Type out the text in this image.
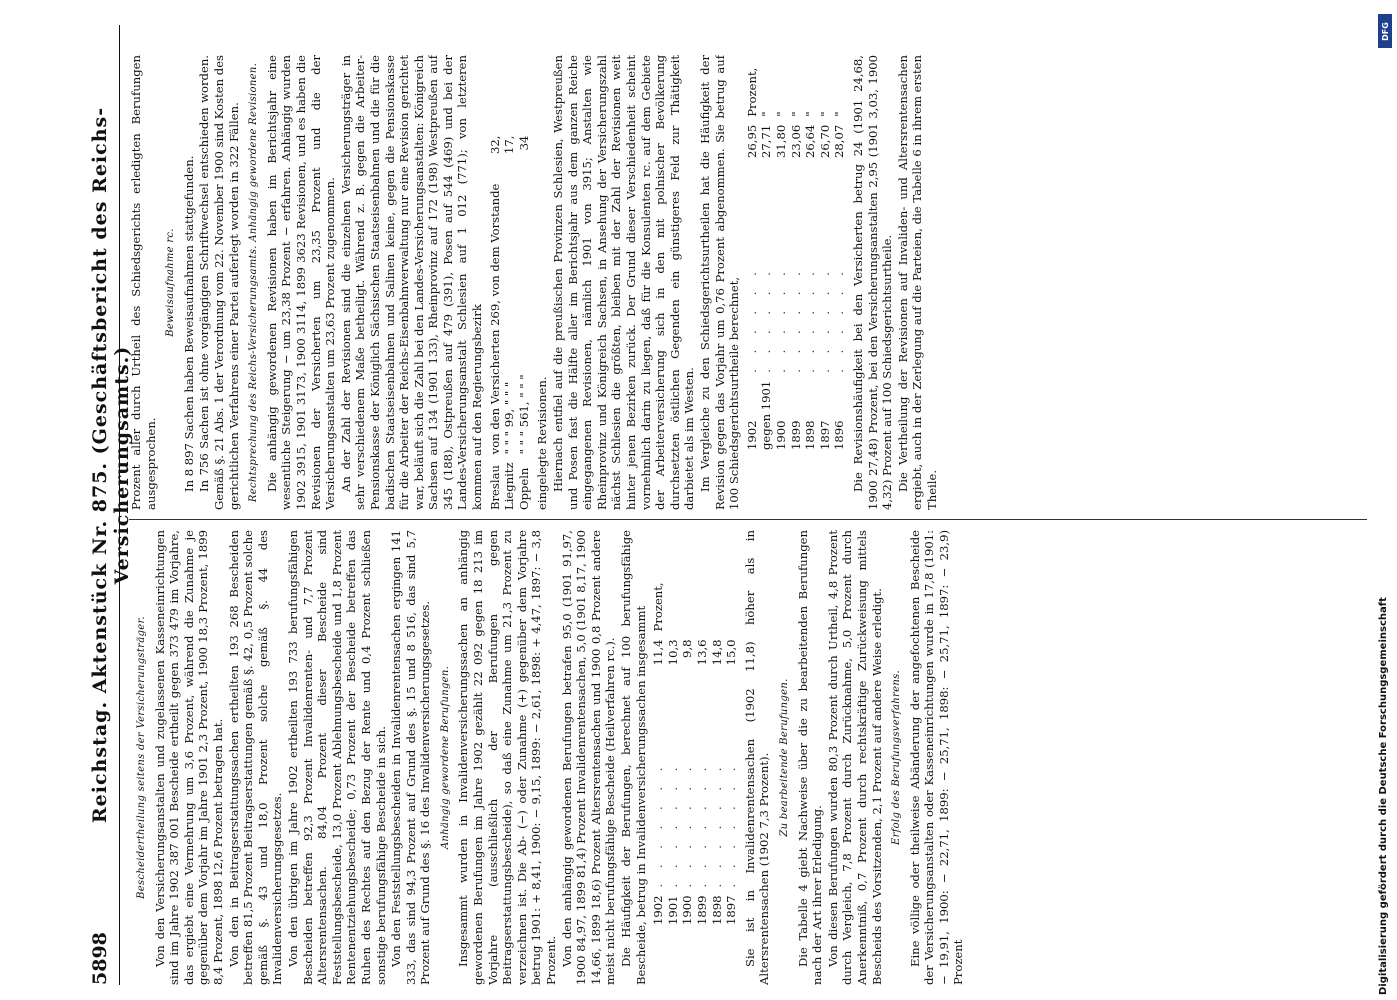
5898
Reichstag. Aktenstück Nr. 875. (Geschäftsbericht des Reichs-Versicherungsamts.)
Bescheidertheilung seitens der Versicherungsträger. Von den Versicherungsanstalten und zugelassenen Kasseneinrichtungen sind im Jahre 1902 387 001 Bescheide ertheilt gegen 373 479 im Vorjahre, das ergiebt eine Vermehrung um 3,6 Prozent, während die Zunahme je gegenüber dem Vorjahr im Jahre 1901 2,3 Prozent, 1900 18,3 Prozent, 1899 8,4 Prozent, 1898 12,6 Prozent betragen hat. Von den in Beitragserstattungssachen ertheilten 193 268 Bescheiden betreffen 81,5 Prozent Beitragserstattungen gemäß §. 42, 0,5 Prozent solche gemäß §. 43 und 18,0 Prozent solche gemäß §. 44 des Invalidenversicherungsgesetzes. Von den übrigen im Jahre 1902 ertheilten 193 733 berufungsfähigen Bescheiden betreffen 92,3 Prozent Invalidenrenten- und 7,7 Prozent Altersrentensachen. 84,04 Prozent dieser Bescheide sind Feststellungsbescheide, 13,0 Prozent Ablehnungsbescheide und 1,8 Prozent Rentenentziehungsbescheide; 0,73 Prozent der Bescheide betreffen das Ruhen des Rechtes auf den Bezug der Rente und 0,4 Prozent schließen sonstige berufungsfähige Bescheide in sich. Von den Feststellungsbescheiden in Invalidenrentensachen ergingen 141 333, das sind 94,3 Prozent auf Grund des §. 15 und 8 516, das sind 5,7 Prozent auf Grund des §. 16 des Invalidenversicherungsgesetzes. Anhängig gewordene Berufungen. Insgesammt wurden in Invalidenversicherungssachen an anhängig gewordenen Berufungen im Jahre 1902 gezählt 22 092 gegen 18 213 im Vorjahre (ausschließlich der Berufungen gegen Beitragserstattungsbescheide), so daß eine Zunahme um 21,3 Prozent zu verzeichnen ist. Die Ab- (−) oder Zunahme (+) gegenüber dem Vorjahre betrug 1901: + 8,41, 1900: − 9,15, 1899: − 2,61, 1898: + 4,47, 1897: − 3,8 Prozent. Von den anhängig gewordenen Berufungen betrafen 95,0 (1901 91,97, 1900 84,97, 1899 81,4) Prozent Invalidenrentensachen, 5,0 (1901 8,17, 1900 14,66, 1899 18,6) Prozent Altersrentensachen und 1900 0,8 Prozent andere meist nicht berufungsfähige Bescheide (Heilverfahren rc.). Die Häufigkeit der Berufungen, berechnet auf 100 berufungsfähige Bescheide, betrug in Invalidenversicherungssachen insgesammt 1902	. . . . . . .	11,4	Prozent,
1901	. . . . . . .	10,3	
1900	. . . . . . .	9,8	
1899	. . . . . . .	13,6	
1898	. . . . . . .	14,8	
1897	. . . . . . .	15,0	Sie ist in Invalidenrentensachen (1902 11,8) höher als in Altersrentensachen (1902 7,3 Prozent). Zu bearbeitende Berufungen. Die Tabelle 4 giebt Nachweise über die zu bearbeitenden Berufungen nach der Art ihrer Erledigung. Von diesen Berufungen wurden 80,3 Prozent durch Urtheil, 4,8 Prozent durch Vergleich, 7,8 Prozent durch Zurücknahme, 5,0 Prozent durch Anerkenntniß, 0,7 Prozent durch rechtskräftige Zurückweisung mittels Bescheids des Vorsitzenden, 2,1 Prozent auf andere Weise erledigt. Erfolg des Berufungsverfahrens. Eine völlige oder theilweise Abänderung der angefochtenen Bescheide der Versicherungsanstalten oder Kasseneinrichtungen wurde in 17,8 (1901: − 19,91, 1900: − 22,71, 1899: − 25,71, 1898: − 25,71, 1897: − 23,9) Prozent

Prozent aller durch Urtheil des Schiedsgerichts erledigten Berufungen ausgesprochen.

Beweisaufnahme rc. In 8 897 Sachen haben Beweisaufnahmen stattgefunden. In 756 Sachen ist ohne vorgängigen Schriftwechsel entschieden worden. Gemäß §. 21 Abs. 1 der Verordnung vom 22. November 1900 sind Kosten des gerichtlichen Verfahrens einer Partei auferlegt worden in 322 Fällen. Rechtsprechung des Reichs-Versicherungsamts. Anhängig gewordene Revisionen. Die anhängig gewordenen Revisionen haben im Berichtsjahr eine wesentliche Steigerung − um 23,38 Prozent − erfahren. Anhängig wurden 1902 3915, 1901 3173, 1900 3114, 1899 3623 Revisionen, und es haben die Revisionen der Versicherten um 23,35 Prozent und die der Versicherungsanstalten um 23,63 Prozent zugenommen. An der Zahl der Revisionen sind die einzelnen Versicherungsträger in sehr verschiedenem Maße betheiligt. Während z. B. gegen die Arbeiter-Pensionskasse der Königlich Sächsischen Staatseisenbahnen und die für die badischen Staatseisenbahnen und Salinen keine, gegen die Pensionskasse für die Arbeiter der Reichs-Eisenbahnverwaltung nur eine Revision gerichtet war, beläuft sich die Zahl bei den Landes-Versicherungsanstalten: Königreich Sachsen auf 134 (1901 133), Rheinprovinz auf 172 (198) Westpreußen auf 345 (188), Ostpreußen auf 479 (391), Posen auf 544 (469) und bei der Landes-Versicherungsanstalt Schlesien auf 1 012 (771); von letzteren kommen auf den Regierungsbezirk Breslau	von den Versicherten 269, von dem Vorstande	32,
Liegnitz	" " " 99, " " "	17,
Oppeln	" " " 561, " " "	34

eingelegte Revisionen. Hiernach entfiel auf die preußischen Provinzen Schlesien, Westpreußen und Posen fast die Hälfte aller im Berichtsjahr aus dem ganzen Reiche eingegangenen Revisionen, nämlich 1901 von 3915; Anstalten wie Rheinprovinz und Königreich Sachsen, in Ansehung der Versicherungszahl nächst Schlesien die größten, bleiben mit der Zahl der Revisionen weit hinter jenen Bezirken zurück. Der Grund dieser Verschiedenheit scheint vornehmlich darin zu liegen, daß für die Konsulenten rc. auf dem Gebiete der Arbeiterversicherung sich in den mit polnischer Bevölkerung durchsetzten östlichen Gegenden ein günstigeres Feld zur Thätigkeit darbietet als im Westen. Im Vergleiche zu den Schiedsgerichtsurtheilen hat die Häufigkeit der Revision gegen das Vorjahr um 0,76 Prozent abgenommen. Sie betrug auf 100 Schiedsgerichtsurtheile berechnet, 1902	. . . . . .	26,95	Prozent,
gegen 1901	. . . . . .	27,71	"
1900	. . . . . .	31,80	"
1899	. . . . . .	23,06	"
1898	. . . . . .	26,64	"
1897	. . . . . .	26,70	"
1896	. . . . . .	28,07	" Die Revisionshäufigkeit bei den Versicherten betrug 24 (1901 24,68, 1900 27,48) Prozent, bei den Versicherungsanstalten 2,95 (1901 3,03, 1900 4,32) Prozent auf 100 Schiedsgerichtsurtheile. Die Vertheilung der Revisionen auf Invaliden- und Altersrentensachen ergiebt, auch in der Zerlegung auf die Parteien, die Tabelle 6 in ihrem ersten Theile.

DFG
Digitalisierung gefördert durch die Deutsche Forschungsgemeinschaft
